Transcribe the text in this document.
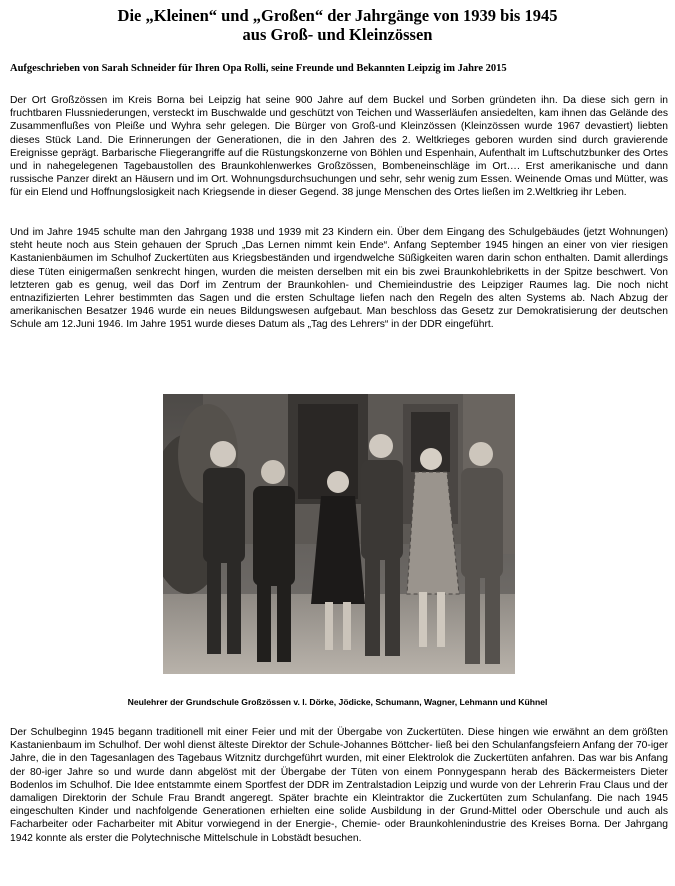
Die „Kleinen“ und „Großen“ der Jahrgänge von 1939 bis 1945
aus Groß- und Kleinzössen
Aufgeschrieben von Sarah Schneider für Ihren Opa Rolli, seine Freunde und Bekannten Leipzig im Jahre 2015

Der Ort Großzössen im Kreis Borna bei Leipzig hat seine 900 Jahre auf dem Buckel und Sorben gründeten ihn. Da diese sich gern in fruchtbaren Flussniederungen, versteckt im Buschwalde und geschützt von Teichen und Wasserläufen ansiedelten, kam ihnen das Gelände des Zusammenflußes von Pleiße und Wyhra sehr gelegen. Die Bürger von Groß-und Kleinzössen (Kleinzössen wurde 1967 devastiert) liebten dieses Stück Land. Die Erinnerungen der Generationen, die in den Jahren des 2. Weltkrieges geboren wurden sind durch gravierende Ereignisse geprägt. Barbarische Fliegerangriffe auf die Rüstungskonzerne von Böhlen und Espenhain, Aufenthalt im Luftschutzbunker des Ortes und in nahegelegenen Tagebaustollen des Braunkohlenwerkes Großzössen, Bombeneinschläge im Ort…. Erst amerikanische und dann russische Panzer direkt an Häusern und im Ort. Wohnungsdurchsuchungen und sehr, sehr wenig zum Essen. Weinende Omas und Mütter, was für ein Elend und Hoffnungslosigkeit nach Kriegsende in dieser Gegend. 38 junge Menschen des Ortes ließen im 2.Weltkrieg ihr Leben.

Und im Jahre 1945 schulte man den Jahrgang 1938 und 1939 mit 23 Kindern ein. Über dem Eingang des Schulgebäudes (jetzt Wohnungen) steht heute noch aus Stein gehauen der Spruch „Das Lernen nimmt kein Ende“. Anfang September 1945 hingen an einer von vier riesigen Kastanienbäumen im Schulhof Zuckertüten aus Kriegsbeständen und irgendwelche Süßigkeiten waren darin schon enthalten. Damit allerdings diese Tüten einigermaßen senkrecht hingen, wurden die meisten derselben mit ein bis zwei Braunkohlebriketts in der Spitze beschwert. Von letzteren gab es genug, weil das Dorf im Zentrum der Braunkohlen- und Chemieindustrie des Leipziger Raumes lag. Die noch nicht entnazifizierten Lehrer bestimmten das Sagen und die ersten Schultage liefen nach den Regeln des alten Systems ab. Nach Abzug der amerikanischen Besatzer 1946 wurde ein neues Bildungswesen aufgebaut. Man beschloss das Gesetz zur Demokratisierung der deutschen Schule am 12.Juni 1946. Im Jahre 1951 wurde dieses Datum als „Tag des Lehrers“ in der DDR eingeführt.

Neulehrer der Grundschule Großzössen v. l. Dörke, Jödicke, Schumann, Wagner, Lehmann und Kühnel

Der Schulbeginn 1945 begann traditionell mit einer Feier und mit der Übergabe von Zuckertüten. Diese hingen wie erwähnt an dem größten Kastanienbaum im Schulhof. Der wohl dienst älteste Direktor der Schule-Johannes Böttcher- ließ bei den Schulanfangsfeiern Anfang der 70-iger Jahre, die in den Tagesanlagen des Tagebaus Witznitz durchgeführt wurden, mit einer Elektrolok die Zuckertüten anfahren. Das war bis Anfang der 80-iger Jahre so und wurde dann abgelöst mit der Übergabe der Tüten von einem Ponnygespann herab des Bäckermeisters Dieter Bodenlos im Schulhof. Die Idee entstammte einem Sportfest der DDR im Zentralstadion Leipzig und wurde von der Lehrerin Frau Claus und der damaligen Direktorin der Schule Frau Brandt angeregt. Später brachte ein Kleintraktor die Zuckertüten zum Schulanfang. Die nach 1945 eingeschulten Kinder und nachfolgende Generationen erhielten eine solide Ausbildung in der Grund-Mittel oder Oberschule und auch als Facharbeiter oder Facharbeiter mit Abitur vorwiegend in der Energie-, Chemie- oder Braunkohlenindustrie des Kreises Borna. Der Jahrgang 1942 konnte als erster die Polytechnische Mittelschule in Lobstädt besuchen.
